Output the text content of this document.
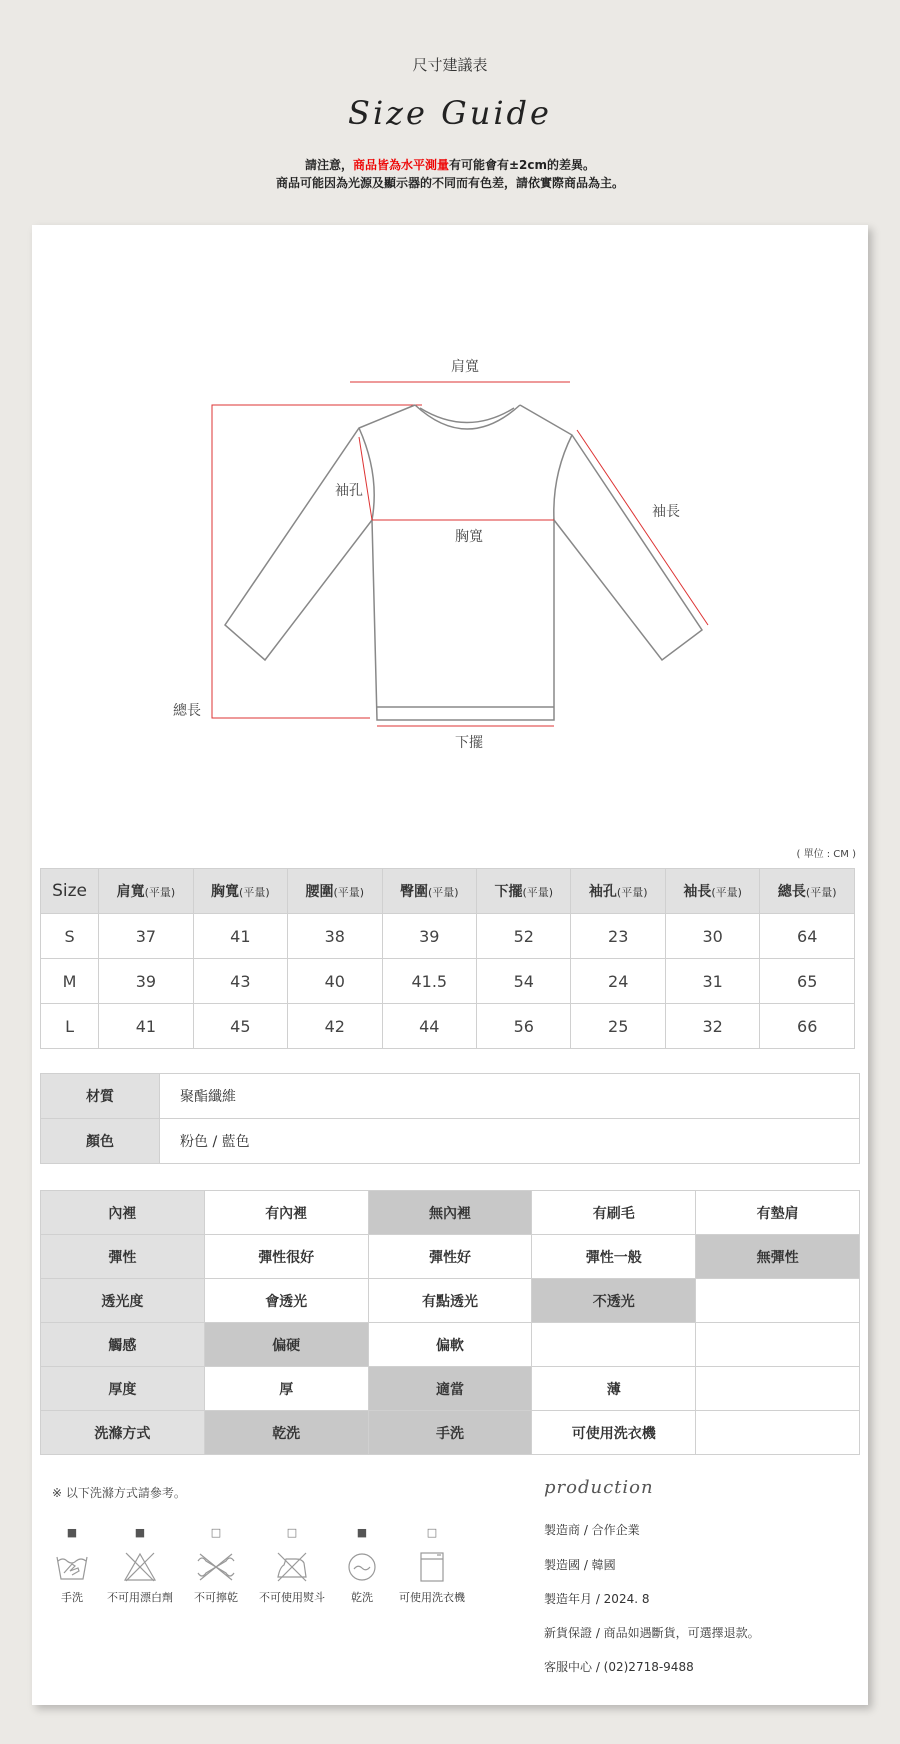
尺寸建議表
Size Guide
請注意，商品皆為水平測量有可能會有±2cm的差異。
商品可能因為光源及顯示器的不同而有色差，請依實際商品為主。
肩寬
袖孔
袖長
胸寬
總長
下擺
( 單位 : CM )
Size	肩寬(平量)	胸寬(平量)	腰圍(平量)	臀圍(平量)	下擺(平量)	袖孔(平量)	袖長(平量)	總長(平量)
S	37	41	38	39	52	23	30	64
M	39	43	40	41.5	54	24	31	65
L	41	45	42	44	56	25	32	66
材質	聚酯纖維
顏色	粉色 / 藍色
內裡	有內裡	無內裡	有刷毛	有墊肩
彈性	彈性很好	彈性好	彈性一般	無彈性
透光度	會透光	有點透光	不透光	
觸感	偏硬	偏軟		
厚度	厚	適當	薄	
洗滌方式	乾洗	手洗	可使用洗衣機	
※ 以下洗滌方式請參考。
■
手洗
■
不可用漂白劑
□
不可擰乾
□
不可使用熨斗
■
乾洗
□
可使用洗衣機
production
製造商 / 合作企業
製造國 / 韓國
製造年月 / 2024. 8
新貨保證 / 商品如遇斷貨，可選擇退款。
客服中心 / (02)2718-9488
